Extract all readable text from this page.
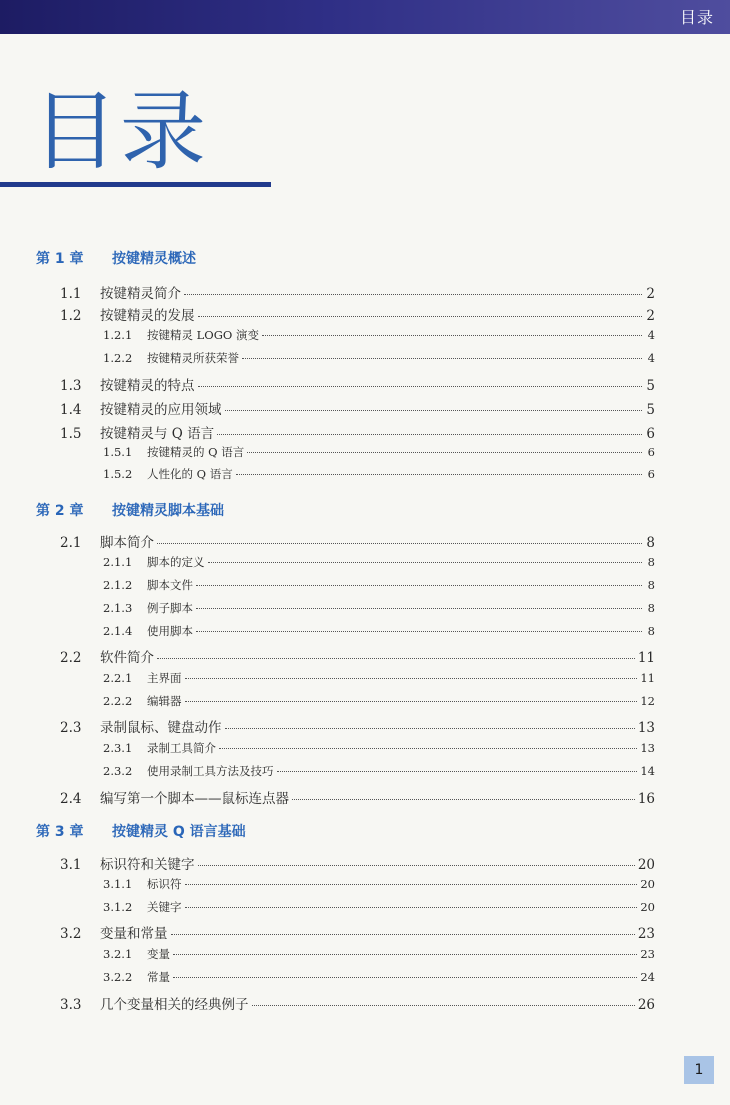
目录
目录
第 1 章 按键精灵概述
1.1	按键精灵简介	2
1.2	按键精灵的发展	2
1.2.1	按键精灵 LOGO 演变	4
1.2.2	按键精灵所获荣誉	4
1.3	按键精灵的特点	5
1.4	按键精灵的应用领域	5
1.5	按键精灵与 Q 语言	6
1.5.1	按键精灵的 Q 语言	6
1.5.2	人性化的 Q 语言	6
第 2 章 按键精灵脚本基础
2.1	脚本简介	8
2.1.1	脚本的定义	8
2.1.2	脚本文件	8
2.1.3	例子脚本	8
2.1.4	使用脚本	8
2.2	软件简介	11
2.2.1	主界面	11
2.2.2	编辑器	12
2.3	录制鼠标、键盘动作	13
2.3.1	录制工具简介	13
2.3.2	使用录制工具方法及技巧	14
2.4	编写第一个脚本——鼠标连点器	16
第 3 章 按键精灵 Q 语言基础
3.1	标识符和关键字	20
3.1.1	标识符	20
3.1.2	关键字	20
3.2	变量和常量	23
3.2.1	变量	23
3.2.2	常量	24
3.3	几个变量相关的经典例子	26
1
